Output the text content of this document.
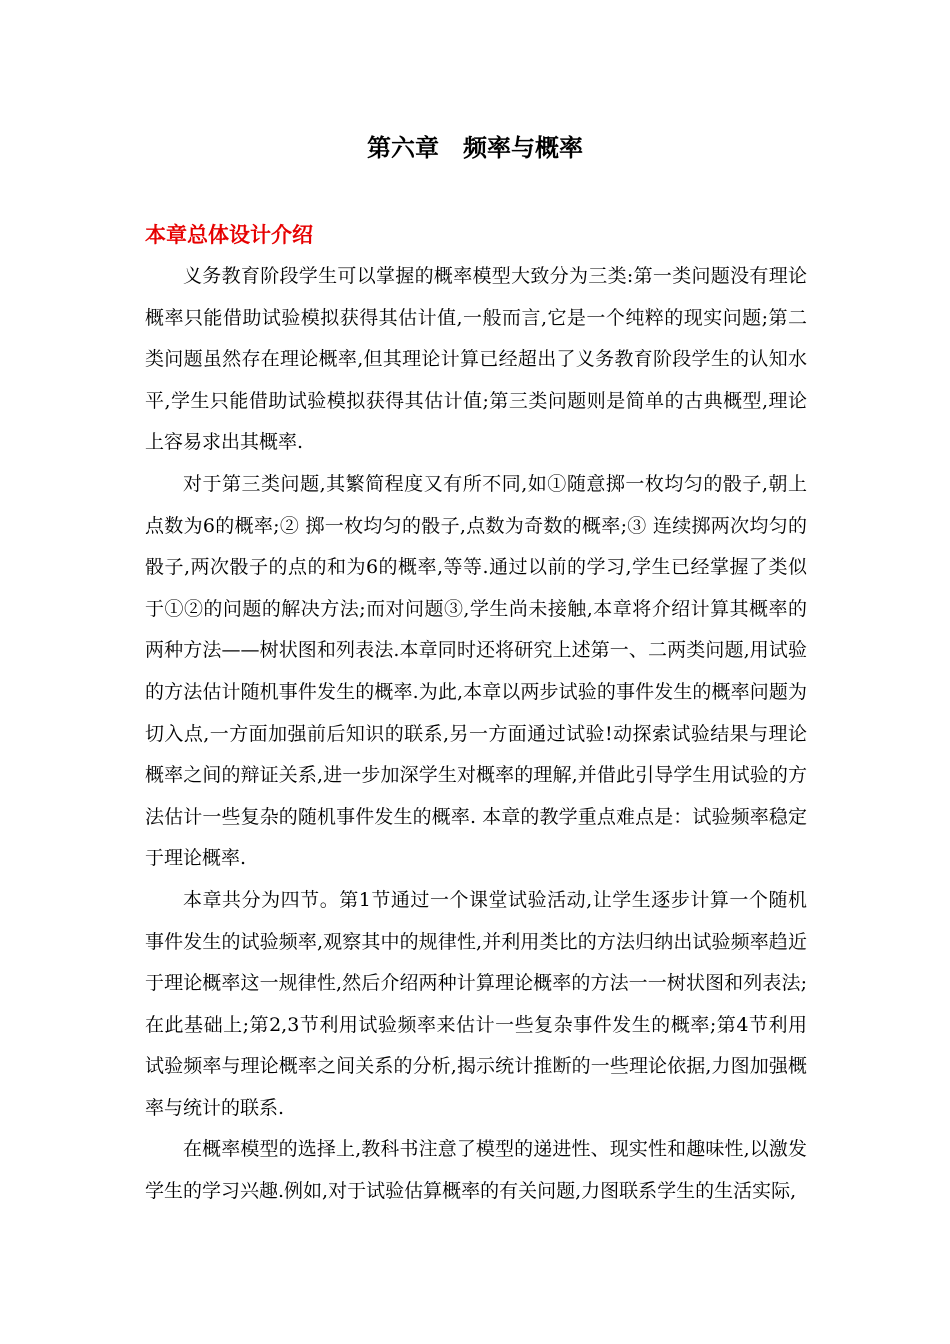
第六章　频率与概率
本章总体设计介绍

义务教育阶段学生可以掌握的概率模型大致分为三类:第一类问题没有理论概率只能借助试验模拟获得其估计值,一般而言,它是一个纯粹的现实问题;第二类问题虽然存在理论概率,但其理论计算已经超出了义务教育阶段学生的认知水平,学生只能借助试验模拟获得其估计值;第三类问题则是简单的古典概型,理论上容易求出其概率.

对于第三类问题,其繁简程度又有所不同,如①随意掷一枚均匀的骰子,朝上点数为6的概率;② 掷一枚均匀的骰子,点数为奇数的概率;③ 连续掷两次均匀的骰子,两次骰子的点的和为6的概率,等等.通过以前的学习,学生已经掌握了类似于①②的问题的解决方法;而对问题③,学生尚未接触,本章将介绍计算其概率的两种方法——树状图和列表法.本章同时还将研究上述第一、二两类问题,用试验的方法估计随机事件发生的概率.为此,本章以两步试验的事件发生的概率问题为切入点,一方面加强前后知识的联系,另一方面通过试验!动探索试验结果与理论概率之间的辩证关系,进一步加深学生对概率的理解,并借此引导学生用试验的方法估计一些复杂的随机事件发生的概率. 本章的教学重点难点是：试验频率稳定于理论概率.

本章共分为四节。第1节通过一个课堂试验活动,让学生逐步计算一个随机事件发生的试验频率,观察其中的规律性,并利用类比的方法归纳出试验频率趋近于理论概率这一规律性,然后介绍两种计算理论概率的方法一一树状图和列表法;在此基础上;第2,3节利用试验频率来估计一些复杂事件发生的概率;第4节利用试验频率与理论概率之间关系的分析,揭示统计推断的一些理论依据,力图加强概率与统计的联系.

在概率模型的选择上,教科书注意了模型的递进性、现实性和趣味性,以激发学生的学习兴趣.例如,对于试验估算概率的有关问题,力图联系学生的生活实际,
